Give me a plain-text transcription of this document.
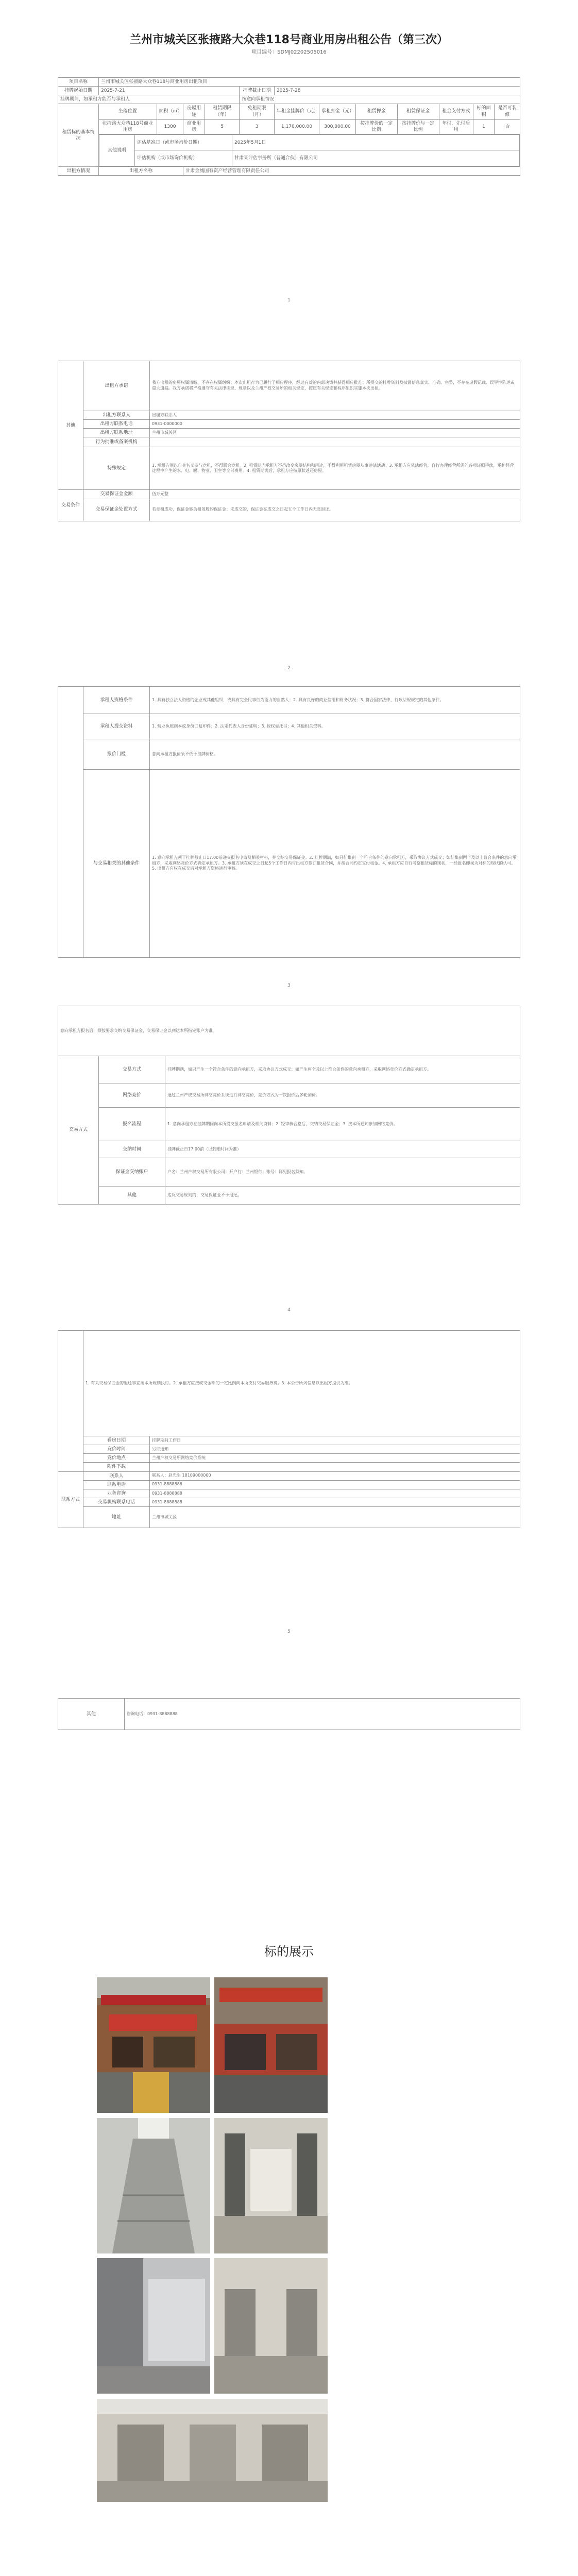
兰州市城关区张掖路大众巷118号商业用房出租公告（第三次）
项目编号：SDMJ02202505016
项目名称	兰州市城关区张掖路大众巷118号商业用房出租项目
挂牌起始日期	2025-7-21	挂牌截止日期	2025-7-28
挂牌期间，如承租方能否与承租人	按意向承租情况
租赁标的基本情况	坐落位置	面积（㎡）	房屋用途	租赁期限（年）	免租期限（月）	年租金挂牌价（元）	承租押金（元）	租赁押金	租赁保证金	租金支付方式	标的面积	是否可装修
张掖路大众巷118号商业用房	1300	商业用房	5	3	1,170,000.00	300,000.00	按挂牌价的一定比例	按挂牌价与一定比例	年付，先付后用	1	否

其他说明	评估基准日（或市场询价日期）	2025年5月1日
评估机构（或市场询价机构）	甘肃某评估事务所（普通合伙）有限公司

出租方情况	出租方名称	甘肃金城国有资产经营管理有限责任公司
1
其他	出租方承诺	我方出租的房屋权属清晰，不存在权属纠纷；本次出租行为已履行了相应程序，经过有效的内部决策并获得相应批准；所提交的挂牌资料及披露信息真实、准确、完整，不存在虚假记载、误导性陈述或重大遗漏。我方承诺将严格遵守有关法律法规、规章以及兰州产权交易所的相关规定，按照有关规定和程序组织实施本次出租。
	出租方联系人	出租方联系人
	出租方联系电话	0931-0000000
	出租方联系地址	兰州市城关区
	行为批准或备案机构	
	特殊规定	1. 承租方须以自身名义参与竞租，不得联合竞租。2. 租赁期内承租方不得改变房屋结构和用途，不得利用租赁房屋从事违法活动。3. 承租方应依法经营，自行办理经营所需的各项证照手续，承担经营过程中产生的水、电、暖、物业、卫生等全部费用。4. 租赁期满后，承租方应按原状返还房屋。
交易条件	交易保证金金额	伍万元整
	交易保证金处置方式	若竞租成功，保证金转为租赁履约保证金；未成交的，保证金在成交之日起五个工作日内无息退还。
2
	承租人资格条件	1. 具有独立法人资格的企业或其他组织，或具有完全民事行为能力的自然人；2. 具有良好的商业信用和财务状况；3. 符合国家法律、行政法规规定的其他条件。
	承租人提交资料	1. 营业执照副本或身份证复印件；2. 法定代表人身份证明；3. 授权委托书；4. 其他相关资料。
	报价门槛	意向承租方报价须不低于挂牌价格。
	与交易相关的其他条件	1. 意向承租方须于挂牌截止日17:00前递交报名申请及相关材料，并交纳交易保证金。2. 挂牌期满，如只征集到一个符合条件的意向承租方，采取协议方式成交；如征集到两个及以上符合条件的意向承租方，采取网络竞价方式确定承租方。3. 承租方须在成交之日起5个工作日内与出租方签订租赁合同，并按合同约定支付租金。4. 承租方应自行考察租赁标的现状，一经报名即视为对标的现状的认可。5. 出租方有权在成交后对承租方资格进行审核。
3
意向承租方报名后，须按要求交纳交易保证金，交易保证金以到达本所指定账户为准。		
交易方式	交易方式	挂牌期满，如只产生一个符合条件的意向承租方，采取协议方式成交；如产生两个及以上符合条件的意向承租方，采取网络竞价方式确定承租方。
	网络竞价	通过兰州产权交易所网络竞价系统进行网络竞价，竞价方式为一次报价后多轮加价。
	报名流程	1. 意向承租方在挂牌期间向本所提交报名申请及相关资料；2. 经审核合格后，交纳交易保证金；3. 按本所通知参加网络竞价。
	交纳时间	挂牌截止日17:00前（以到账时间为准）
	保证金交纳账户	户名：兰州产权交易所有限公司；开户行：兰州银行；账号：详见报名须知。
	其他	违反交易规则的，交易保证金不予退还。
4
	1. 有关交易保证金的退还事宜按本所规则执行。2. 承租方应按成交金额的一定比例向本所支付交易服务费。3. 本公告所列信息以出租方提供为准。	
	看房日期	挂牌期间工作日
	竞价时间	另行通知
	竞价地点	兰州产权交易所网络竞价系统
	附件下载	
联系方式	联系人	联系人：赵先生 18109000000
	联系电话	0931-8888888
	业务咨询	0931-8888888
	交易机构联系电话	0931-8888888
	地址	兰州市城关区
5
其他	咨询电话：0931-8888888
标的展示
